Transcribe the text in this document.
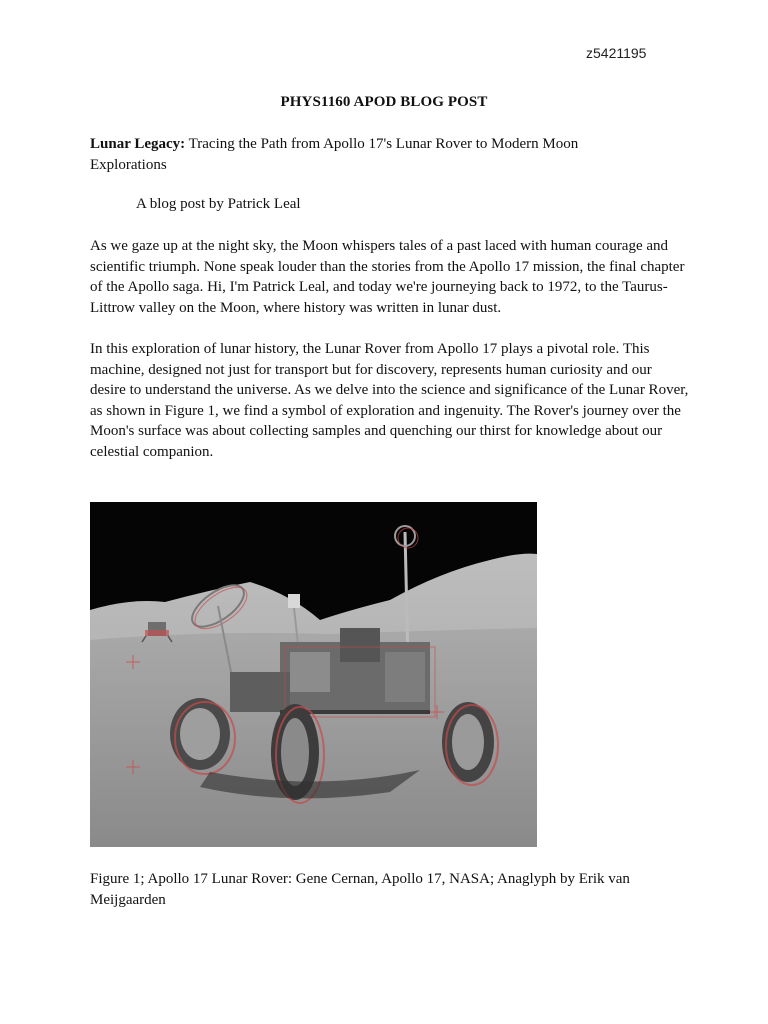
z5421195
PHYS1160 APOD BLOG POST
Lunar Legacy: Tracing the Path from Apollo 17's Lunar Rover to Modern Moon Explorations
A blog post by Patrick Leal

As we gaze up at the night sky, the Moon whispers tales of a past laced with human courage and scientific triumph. None speak louder than the stories from the Apollo 17 mission, the final chapter of the Apollo saga. Hi, I'm Patrick Leal, and today we're journeying back to 1972, to the Taurus-Littrow valley on the Moon, where history was written in lunar dust.

In this exploration of lunar history, the Lunar Rover from Apollo 17 plays a pivotal role. This machine, designed not just for transport but for discovery, represents human curiosity and our desire to understand the universe. As we delve into the science and significance of the Lunar Rover, as shown in Figure 1, we find a symbol of exploration and ingenuity. The Rover's journey over the Moon's surface was about collecting samples and quenching our thirst for knowledge about our celestial companion.

Figure 1; Apollo 17 Lunar Rover: Gene Cernan, Apollo 17, NASA; Anaglyph by Erik van Meijgaarden
